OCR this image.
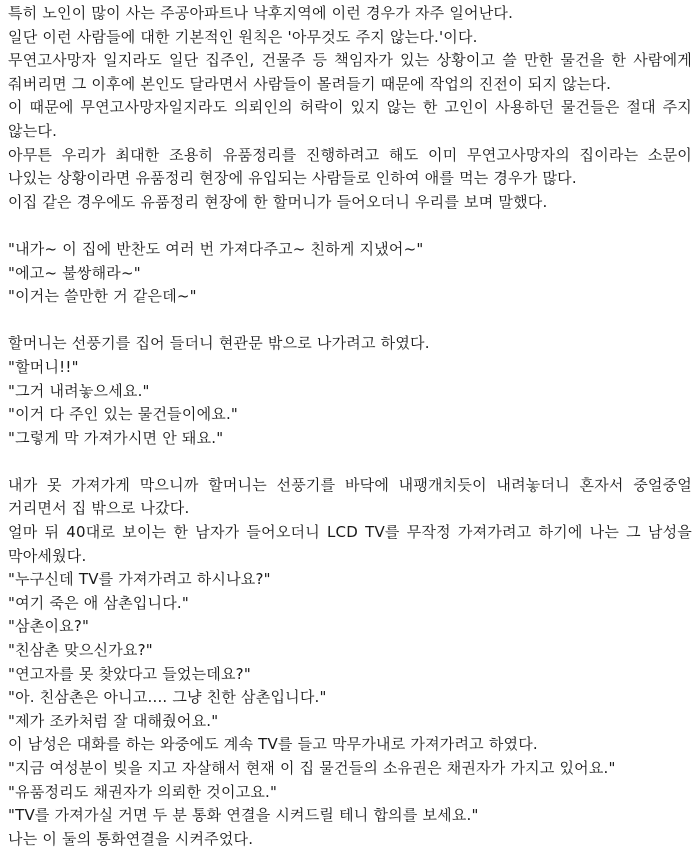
특히 노인이 많이 사는 주공아파트나 낙후지역에 이런 경우가 자주 일어난다.

일단 이런 사람들에 대한 기본적인 원칙은 '아무것도 주지 않는다.'이다.

무연고사망자 일지라도 일단 집주인, 건물주 등 책임자가 있는 상황이고 쓸 만한 물건을 한 사람에게 줘버리면 그 이후에 본인도 달라면서 사람들이 몰려들기 때문에 작업의 진전이 되지 않는다.

이 때문에 무연고사망자일지라도 의뢰인의 허락이 있지 않는 한 고인이 사용하던 물건들은 절대 주지 않는다.

아무튼 우리가 최대한 조용히 유품정리를 진행하려고 해도 이미 무연고사망자의 집이라는 소문이 나있는 상황이라면 유품정리 현장에 유입되는 사람들로 인하여 애를 먹는 경우가 많다.

이집 같은 경우에도 유품정리 현장에 한 할머니가 들어오더니 우리를 보며 말했다.

"내가~ 이 집에 반찬도 여러 번 가져다주고~ 친하게 지냈어~"

"에고~ 불쌍해라~"

"이거는 쓸만한 거 같은데~"

할머니는 선풍기를 집어 들더니 현관문 밖으로 나가려고 하였다.

"할머니!!"

"그거 내려놓으세요."

"이거 다 주인 있는 물건들이에요."

"그렇게 막 가져가시면 안 돼요."

내가 못 가져가게 막으니까 할머니는 선풍기를 바닥에 내팽개치듯이 내려놓더니 혼자서 중얼중얼 거리면서 집 밖으로 나갔다.

얼마 뒤 40대로 보이는 한 남자가 들어오더니 LCD TV를 무작정 가져가려고 하기에 나는 그 남성을 막아세웠다.

"누구신데 TV를 가져가려고 하시나요?"

"여기 죽은 애 삼촌입니다."

"삼촌이요?"

"친삼촌 맞으신가요?"

"연고자를 못 찾았다고 들었는데요?"

"아. 친삼촌은 아니고.... 그냥 친한 삼촌입니다."

"제가 조카처럼 잘 대해줬어요."

이 남성은 대화를 하는 와중에도 계속 TV를 들고 막무가내로 가져가려고 하였다.

"지금 여성분이 빚을 지고 자살해서 현재 이 집 물건들의 소유권은 채권자가 가지고 있어요."

"유품정리도 채권자가 의뢰한 것이고요."

"TV를 가져가실 거면 두 분 통화 연결을 시켜드릴 테니 합의를 보세요."

나는 이 둘의 통화연결을 시켜주었다.
